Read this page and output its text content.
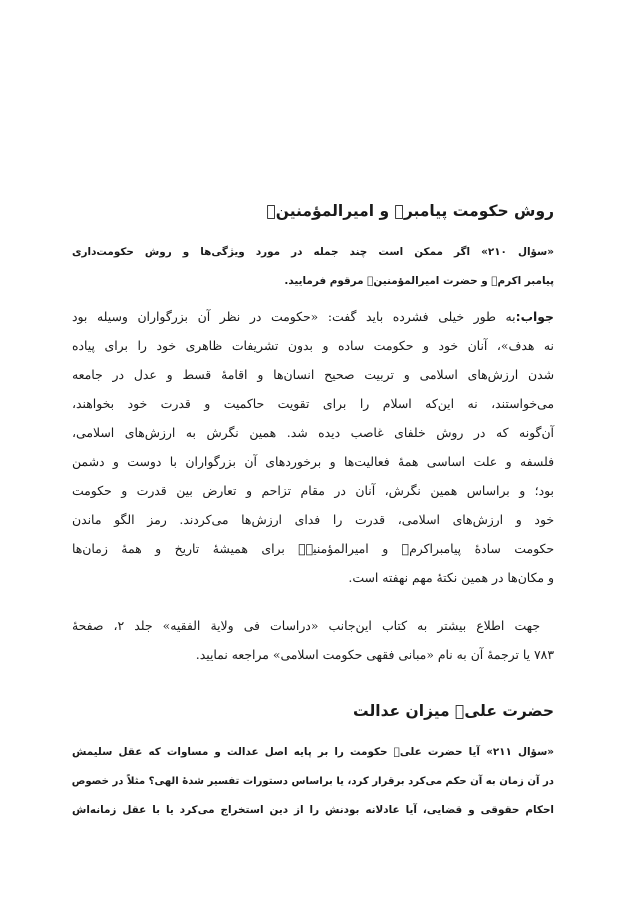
روش حکومت پیامبرﷺ و امیرالمؤمنینؑ
«سؤال ۲۱۰» اگر ممکن است چند جمله در مورد ویژگی‌ها و روش حکومت‌داری
پیامبر اکرمﷺ و حضرت امیرالمؤمنینؑ مرقوم فرمایید.
جواب:به طور خیلی فشرده باید گفت: «حکومت در نظر آن بزرگواران وسیله بود
نه هدف»، آنان خود و حکومت ساده و بدون تشریفات ظاهری خود را برای پیاده
شدن ارزش‌های اسلامی و تربیت صحیح انسان‌ها و اقامهٔ قسط و عدل در جامعه
می‌خواستند، نه این‌که اسلام را برای تقویت حاکمیت و قدرت خود بخواهند،
آن‌گونه که در روش خلفای غاصب دیده شد. همین نگرش به ارزش‌های اسلامی،
فلسفه و علت اساسی همهٔ فعالیت‌ها و برخوردهای آن بزرگواران با دوست و دشمن
بود؛ و براساس همین نگرش، آنان در مقام تزاحم و تعارض بین قدرت و حکومت
خود و ارزش‌های اسلامی، قدرت را فدای ارزش‌ها می‌کردند. رمز الگو ماندن
حکومت سادهٔ پیامبراکرمﷺ و امیرالمؤمنینؑ برای همیشهٔ تاریخ و همهٔ زمان‌ها
و مکان‌ها در همین نکتهٔ مهم نهفته است.
جهت اطلاع بیشتر به کتاب این‌جانب «دراسات فی ولایة الفقیه» جلد ۲، صفحهٔ
۷۸۳ یا ترجمهٔ آن به نام «مبانی فقهی حکومت اسلامی» مراجعه نمایید.
حضرت علیؑ میزان عدالت
«سؤال ۲۱۱» آیا حضرت علیؑ حکومت را بر پایه اصل عدالت و مساوات که عقل سلیمش
در آن زمان به آن حکم می‌کرد برقرار کرد، یا براساس دستورات تفسیر شدهٔ الهی؟ مثلاً در خصوص
احکام حقوقی و قضایی، آیا عادلانه بودنش را از دین استخراج می‌کرد یا با عقل زمانه‌اش
